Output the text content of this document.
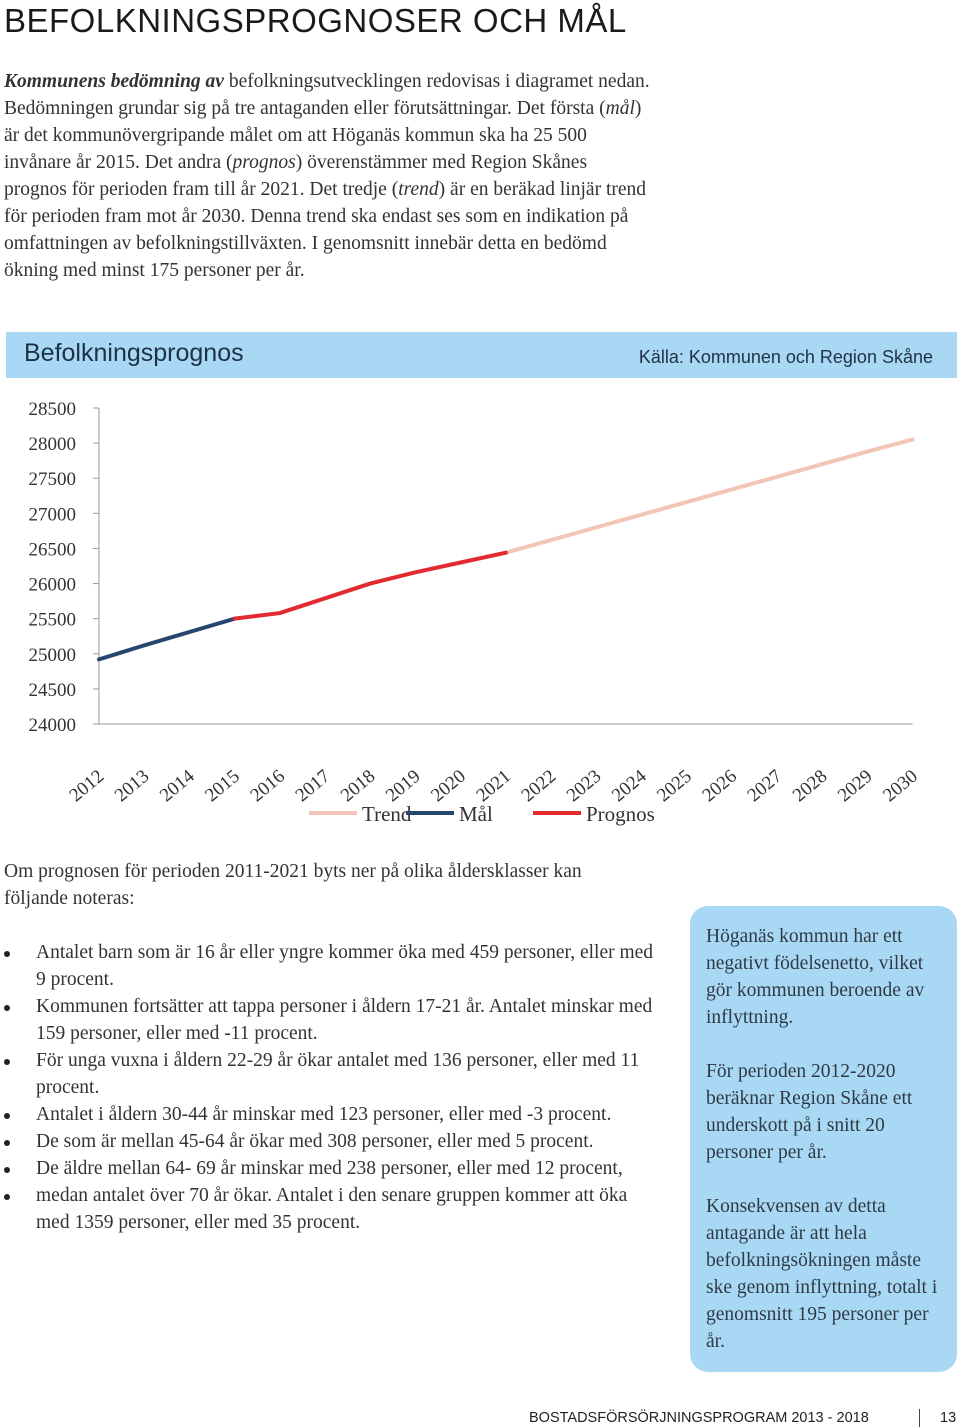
BEFOLKNINGSPROGNOSER OCH MÅL

Kommunens bedömning av befolkningsutvecklingen redovisas i diagramet nedan. Bedömningen grundar sig på tre antaganden eller förutsättningar. Det första (mål) är det kommunövergripande målet om att Höganäs kommun ska ha 25 500 invånare år 2015. Det andra (prognos) överenstämmer med Region Skånes prognos för perioden fram till år 2021. Det tredje (trend) är en beräkad linjär trend för perioden fram mot år 2030. Denna trend ska endast ses som en indikation på omfattningen av befolkningstillväxten. I genomsnitt innebär detta en bedömd ökning med minst 175 personer per år.

Befolkningsprognos	Källa: Kommunen och Region Skåne
24000
24500
25000
25500
26000
26500
27000
27500
28000
28500
2012 2013 2014 2015 2016 2017 2018 2019 2020 2021 2022 2023 2024 2025 2026 2027 2028 2029 2030
Trend Mål	Prognos

Om prognosen för perioden 2011-2021 byts ner på olika åldersklasser kan följande noteras:

Antalet barn som är 16 år eller yngre kommer öka med 459 personer, eller med 9 procent.
Kommunen fortsätter att tappa personer i åldern 17-21 år. Antalet minskar med 159 personer, eller med -11 procent.
För unga vuxna i åldern 22-29 år ökar antalet med 136 personer, eller med 11 procent.
Antalet i åldern 30-44 år minskar med 123 personer, eller med -3 procent.
De som är mellan 45-64 år ökar med 308 personer, eller med 5 procent.
De äldre mellan 64- 69 år minskar med 238 personer, eller med 12 procent,
medan antalet över 70 år ökar. Antalet i den senare gruppen kommer att öka med 1359 personer, eller med 35 procent.

Höganäs kommun har ett negativt födelsenetto, vilket gör kommunen beroende av inflyttning.

För perioden 2012-2020 beräknar Region Skåne ett underskott på i snitt 20 personer per år.

Konsekvensen av detta antagande är att hela befolkningsökningen måste ske genom inflyttning, totalt i genomsnitt 195 personer per år.

BOSTADSFÖRSÖRJNINGSPROGRAM 2013 - 2018	13
